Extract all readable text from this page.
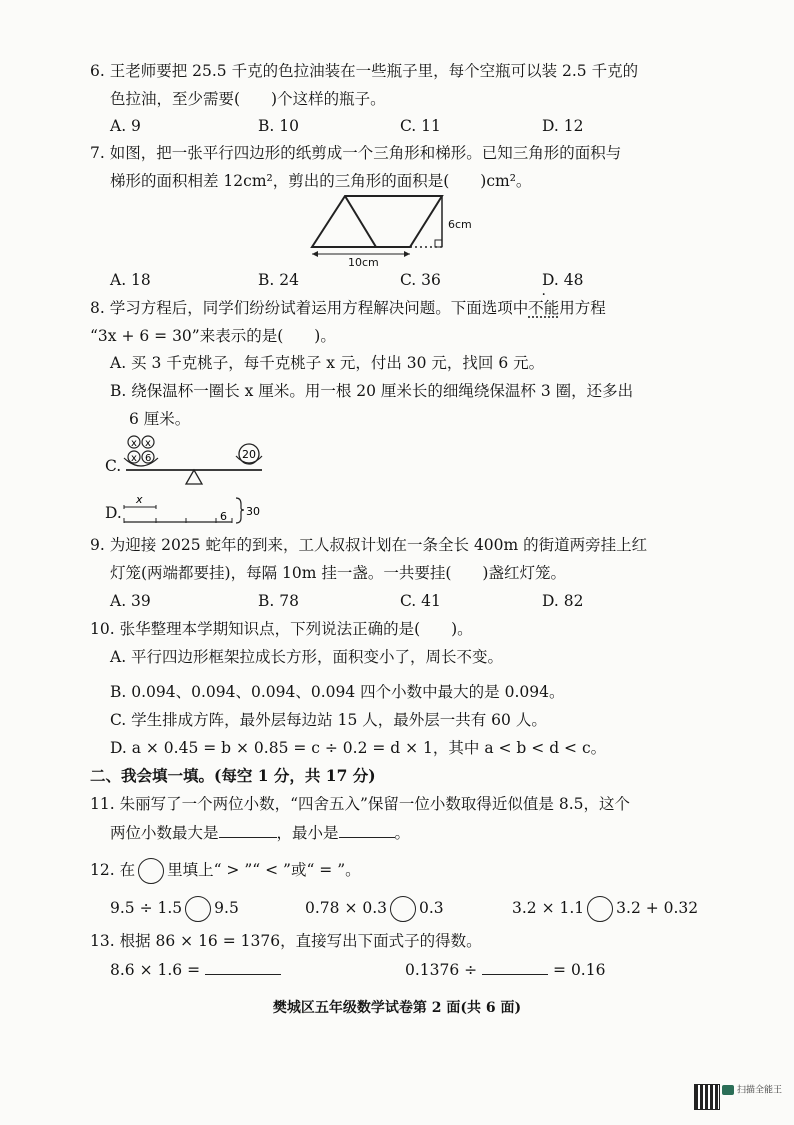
6. 王老师要把 25.5 千克的色拉油装在一些瓶子里，每个空瓶可以装 2.5 千克的
色拉油，至少需要(　　)个这样的瓶子。
A. 9	B. 10	C. 11	D. 12
7. 如图，把一张平行四边形的纸剪成一个三角形和梯形。已知三角形的面积与
梯形的面积相差 12cm²，剪出的三角形的面积是(　　)cm²。
6cm
10cm
A. 18	B. 24	C. 36	D. 48
8. 学习方程后，同学们纷纷试着运用方程解决问题。下面选项中不能用方程
“3x + 6 = 30”来表示的是(　　)。
A. 买 3 千克桃子，每千克桃子 x 元，付出 30 元，找回 6 元。
B. 绕保温杯一圈长 x 厘米。用一根 20 厘米长的细绳绕保温杯 3 圈，还多出
6 厘米。
C.
x x
x 6	20
D.
x
6 30
9. 为迎接 2025 蛇年的到来，工人叔叔计划在一条全长 400m 的街道两旁挂上红
灯笼(两端都要挂)，每隔 10m 挂一盏。一共要挂(　　)盏红灯笼。
A. 39	B. 78	C. 41	D. 82
10. 张华整理本学期知识点，下列说法正确的是(　　)。
A. 平行四边形框架拉成长方形，面积变小了，周长不变。
B. 0.094、0.094、0.094、0.094 四个小数中最大的是 0.094。
C. 学生排成方阵，最外层每边站 15 人，最外层一共有 60 人。
D. a × 0.45 = b × 0.85 = c ÷ 0.2 = d × 1，其中 a < b < d < c。
二、我会填一填。(每空 1 分，共 17 分)
11. 朱丽写了一个两位小数，“四舍五入”保留一位小数取得近似值是 8.5，这个
两位小数最大是	，最小是	。
12. 在 里填上“ > ”“ < ”或“ = ”。
9.5 ÷ 1.5 9.5	0.78 × 0.3 0.3	3.2 × 1.1 3.2 + 0.32
13. 根据 86 × 16 = 1376，直接写出下面式子的得数。
8.6 × 1.6 =	0.1376 ÷	= 0.16
樊城区五年级数学试卷第 2 面(共 6 面)
扫描全能王
